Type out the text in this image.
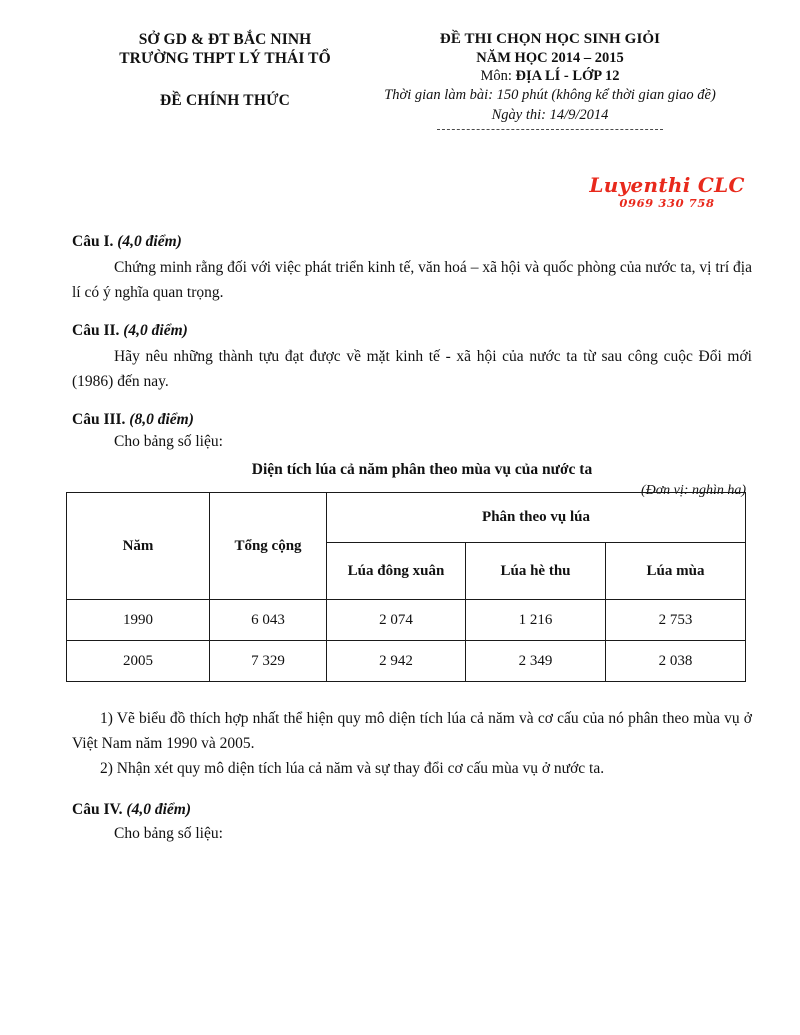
SỞ GD & ĐT BẮC NINH
TRƯỜNG THPT LÝ THÁI TỔ
ĐỀ CHÍNH THỨC
ĐỀ THI CHỌN HỌC SINH GIỎI
NĂM HỌC 2014 – 2015
Môn: ĐỊA LÍ - LỚP 12
Thời gian làm bài: 150 phút (không kể thời gian giao đề)
Ngày thi: 14/9/2014
Luyenthi CLC
0969 330 758

Câu I. (4,0 điểm)

Chứng minh rằng đối với việc phát triển kinh tế, văn hoá – xã hội và quốc phòng của nước ta, vị trí địa lí có ý nghĩa quan trọng.

Câu II. (4,0 điểm)

Hãy nêu những thành tựu đạt được về mặt kinh tế - xã hội của nước ta từ sau công cuộc Đổi mới (1986) đến nay.

Câu III. (8,0 điểm)

Cho bảng số liệu:

Diện tích lúa cả năm phân theo mùa vụ của nước ta

(Đơn vị: nghìn ha)

Năm	Tổng cộng	Phân theo vụ lúa		
		Lúa đông xuân	Lúa hè thu	Lúa mùa
1990	6 043	2 074	1 216	2 753
2005	7 329	2 942	2 349	2 038

1) Vẽ biểu đồ thích hợp nhất thể hiện quy mô diện tích lúa cả năm và cơ cấu của nó phân theo mùa vụ ở Việt Nam năm 1990 và 2005.

2) Nhận xét quy mô diện tích lúa cả năm và sự thay đổi cơ cấu mùa vụ ở nước ta.

Câu IV. (4,0 điểm)

Cho bảng số liệu:
